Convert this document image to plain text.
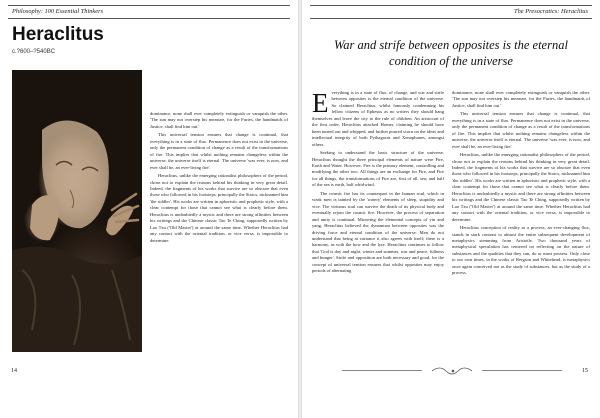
Philosophy: 100 Essential Thinkers
Heraclitus
c.?600–?540BC

dominance, none shall ever completely extinguish or vanquish the other. 'The sun may not overstep his measure, for the Furies, the handmaids of Justice, shall find him out.'

This universal tension ensures that change is continual, that everything is in a state of flux. Permanence does not exist in the universe, only the permanent condition of change as a result of the transformations of fire. This implies that whilst nothing remains changeless within the universe, the universe itself is eternal. The universe 'was ever, is now, and ever shall be, an ever-living fire'.

Heraclitus, unlike the emerging rationalist philosophers of the period, chose not to explain the reasons behind his thinking in very great detail. Indeed, the fragments of his works that survive are so obscure that even those who followed in his footsteps, principally the Stoics, nicknamed him 'the riddler'. His works are written in aphoristic and prophetic style, with a clear contempt for those that cannot see what is clearly before them. Heraclitus is undoubtedly a mystic and there are strong affinities between his writings and the Chinese classic Tao Te Ching, supposedly written by Lao Tzu ('Old Master') at around the same time. Whether Heraclitus had any contact with the oriental tradition, or vice versa, is impossible to determine.

14
The Presocratics: Heraclitus

War and strife between opposites is the eternal condition of the universe

Everything is in a state of flux, of change, and war and strife between opposites is the eternal condition of the universe. So claimed Heraclitus, whilst famously condemning his fellow citizens of Ephesus as no writers they should hang themselves and leave the city to the rule of children. An aristocrat of the first order, Heraclitus attacked Homer, claiming he should have been turned out and whipped, and further poured scorn on the ideas and intellectual integrity of both Pythagoras and Xenophanes, amongst others.

Seeking to understand the basic structure of the universe, Heraclitus thought the three principal elements of nature were Fire, Earth and Water. However, Fire is the primary element, controlling and modifying the other two. All things are an exchange for Fire, and Fire for all things, the transformations of Fire are, first of all, sea; and half of the sea is earth, half whirlwind.

The cosmic fire has its counterpart in the human soul, which in weak men is tainted by the 'watery' elements of sleep, stupidity and vice. The virtuous soul can survive the death of its physical body and eventually rejoin the cosmic fire. However, the process of separation and unity is continual. Mirroring the elemental concepts of yin and yang, Heraclitus believed the dynamism between opposites was the driving force and eternal condition of the universe. Men do not understand that being at variance it also agrees with itself; there is a harmony, as with the bow and the lyre. Heraclitus continues to follow that 'God is day and night, winter and summer, war and peace, fullness and hunger'. Strife and opposition are both necessary and good, for the concept of universal tension ensures that whilst opposites may enjoy periods of alternating

dominance, none shall ever completely extinguish or vanquish the other. 'The sun may not overstep his measure, for the Furies, the handmaids of Justice, shall find him out.'

This universal tension ensures that change is continual, that everything is in a state of flux. Permanence does not exist in the universe, only the permanent condition of change as a result of the transformations of fire. This implies that whilst nothing remains changeless within the universe, the universe itself is eternal. The universe 'was ever, is now, and ever shall be, an ever-living fire'.

Heraclitus, unlike the emerging rationalist philosophers of the period, chose not to explain the reasons behind his thinking in very great detail. Indeed, the fragments of his works that survive are so obscure that even those who followed in his footsteps, principally the Stoics, nicknamed him 'the riddler'. His works are written in aphoristic and prophetic style, with a clear contempt for those that cannot see what is clearly before them. Heraclitus is undoubtedly a mystic and there are strong affinities between his writings and the Chinese classic Tao Te Ching, supposedly written by Lao Tzu ('Old Master') at around the same time. Whether Heraclitus had any contact with the oriental tradition, or vice versa, is impossible to determine.

Heraclitus conception of reality as a process, an ever-changing flux, stands in stark contrast to almost the entire subsequent development of metaphysics stemming from Aristotle. Two thousand years of metaphysical speculation has centered on reflecting on the nature of substances and the qualities that they can, do or must possess. Only close to our own times, in the works of Bergson and Whitehead, is metaphysics once again conceived not as the study of substances, but as the study of a process.

15
